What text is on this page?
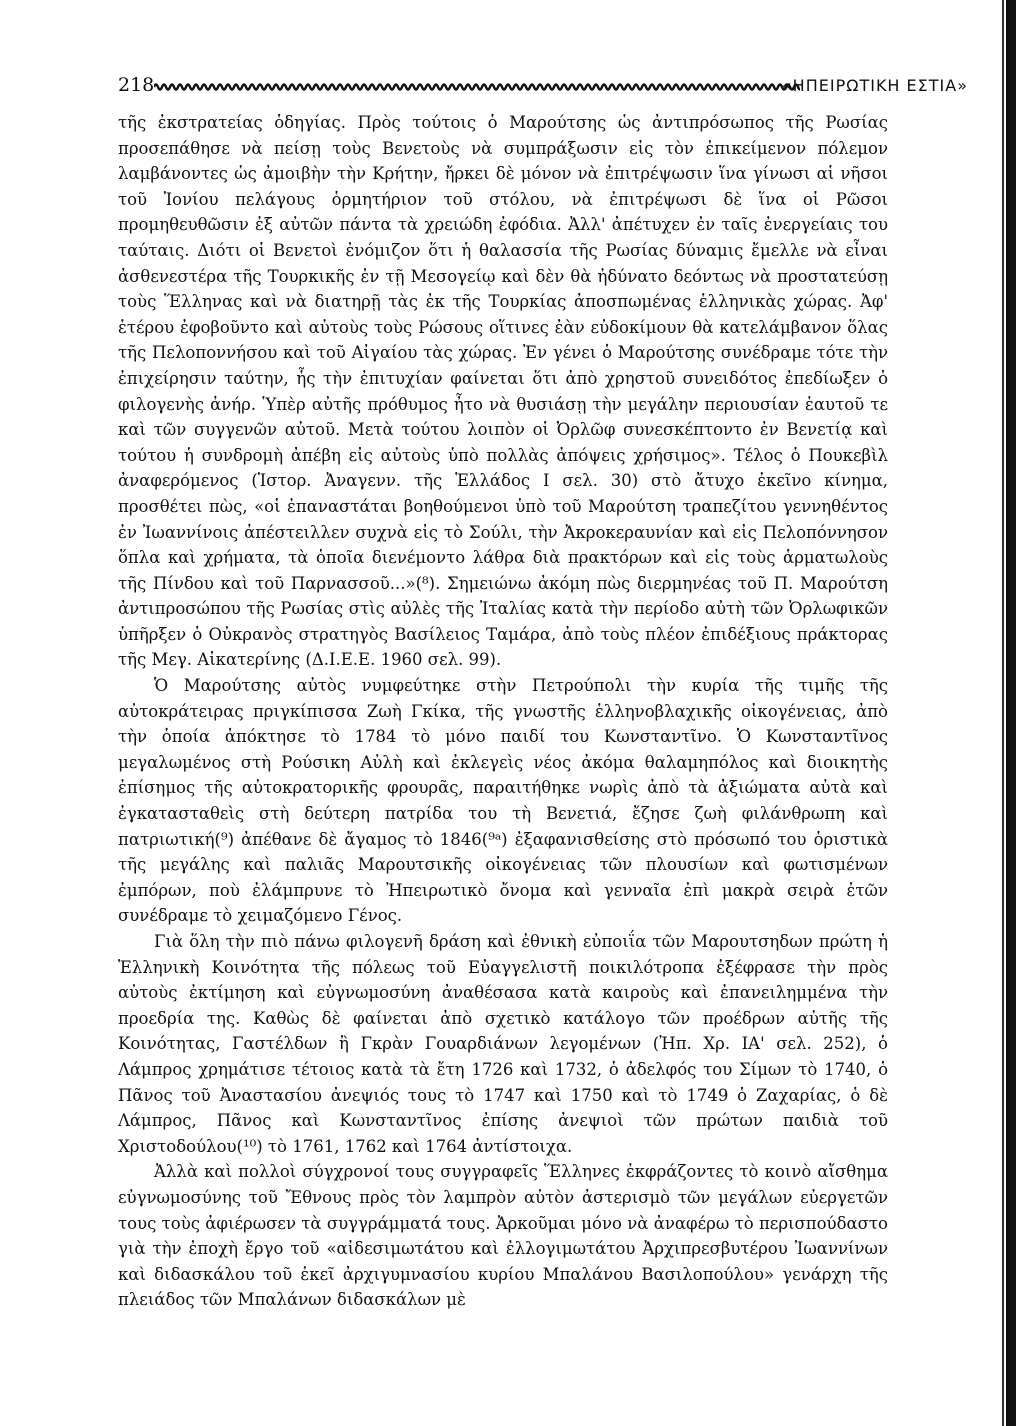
218	«ΗΠΕΙΡΩΤΙΚΗ ΕΣΤΙΑ»

τῆς ἐκστρατείας ὁδηγίας. Πρὸς τούτοις ὁ Μαρούτσης ὡς ἀντιπρόσωπος τῆς Ρωσίας προσεπάθησε νὰ πείσῃ τοὺς Βενετοὺς νὰ συμπράξωσιν εἰς τὸν ἐπικείμενον πόλεμον λαμβάνοντες ὡς ἀμοιβὴν τὴν Κρήτην, ἤρκει δὲ μόνον νὰ ἐπιτρέψωσιν ἵνα γίνωσι αἱ νῆσοι τοῦ Ἰονίου πελάγους ὁρμητήριον τοῦ στόλου, νὰ ἐπιτρέψωσι δὲ ἵνα οἱ Ρῶσοι προμηθευθῶσιν ἐξ αὐτῶν πάντα τὰ χρειώδη ἐφόδια. Ἀλλ' ἀπέτυχεν ἐν ταῖς ἐνεργείαις του ταύταις. Διότι οἱ Βενετοὶ ἐνόμιζον ὅτι ἡ θαλασσία τῆς Ρωσίας δύναμις ἔμελλε νὰ εἶναι ἀσθενεστέρα τῆς Τουρκικῆς ἐν τῇ Μεσογείῳ καὶ δὲν θὰ ἠδύνατο δεόντως νὰ προστατεύσῃ τοὺς Ἕλληνας καὶ νὰ διατηρῇ τὰς ἐκ τῆς Τουρκίας ἀποσπωμένας ἑλληνικὰς χώρας. Ἀφ' ἑτέρου ἐφοβοῦντο καὶ αὐτοὺς τοὺς Ρώσους οἵτινες ἐὰν εὐδοκίμουν θὰ κατελάμβανον ὅλας τῆς Πελοποννήσου καὶ τοῦ Αἰγαίου τὰς χώρας. Ἐν γένει ὁ Μαρούτσης συνέδραμε τότε τὴν ἐπιχείρησιν ταύτην, ἧς τὴν ἐπιτυχίαν φαίνεται ὅτι ἀπὸ χρηστοῦ συνειδότος ἐπεδίωξεν ὁ φιλογενὴς ἀνήρ. Ὑπὲρ αὐτῆς πρόθυμος ἦτο νὰ θυσιάσῃ τὴν μεγάλην περιουσίαν ἑαυτοῦ τε καὶ τῶν συγγενῶν αὐτοῦ. Μετὰ τούτου λοιπὸν οἱ Ὀρλῶφ συνεσκέπτοντο ἐν Βενετίᾳ καὶ τούτου ἡ συνδρομὴ ἀπέβη εἰς αὐτοὺς ὑπὸ πολλὰς ἀπόψεις χρήσιμος». Τέλος ὁ Πουκεβὶλ ἀναφερόμενος (Ἱστορ. Ἀναγενν. τῆς Ἑλλάδος Ι σελ. 30) στὸ ἄτυχο ἐκεῖνο κίνημα, προσθέτει πὼς, «οἱ ἐπαναστάται βοηθούμενοι ὑπὸ τοῦ Μαρούτση τραπεζίτου γεννηθέντος ἐν Ἰωαννίνοις ἀπέστειλλεν συχνὰ εἰς τὸ Σούλι, τὴν Ἀκροκεραυνίαν καὶ εἰς Πελοπόννησον ὅπλα καὶ χρήματα, τὰ ὁποῖα διενέμοντο λάθρα διὰ πρακτόρων καὶ εἰς τοὺς ἁρματωλοὺς τῆς Πίνδου καὶ τοῦ Παρνασσοῦ...»(⁸). Σημειώνω ἀκόμη πὼς διερμηνέας τοῦ Π. Μαρούτση ἀντιπροσώπου τῆς Ρωσίας στὶς αὐλὲς τῆς Ἰταλίας κατὰ τὴν περίοδο αὐτὴ τῶν Ὀρλωφικῶν ὑπῆρξεν ὁ Οὐκρανὸς στρατηγὸς Βασίλειος Ταμάρα, ἀπὸ τοὺς πλέον ἐπιδέξιους πράκτορας τῆς Μεγ. Αἰκατερίνης (Δ.Ι.Ε.Ε. 1960 σελ. 99).

Ὁ Μαρούτσης αὐτὸς νυμφεύτηκε στὴν Πετρούπολι τὴν κυρία τῆς τιμῆς τῆς αὐτοκράτειρας πριγκίπισσα Ζωὴ Γκίκα, τῆς γνωστῆς ἑλληνοβλαχικῆς οἰκογένειας, ἀπὸ τὴν ὁποία ἀπόκτησε τὸ 1784 τὸ μόνο παιδί του Κωνσταντῖνο. Ὁ Κωνσταντῖνος μεγαλωμένος στὴ Ρούσικη Αὐλὴ καὶ ἐκλεγεὶς νέος ἀκόμα θαλαμηπόλος καὶ διοικητὴς ἐπίσημος τῆς αὐτοκρατορικῆς φρουρᾶς, παραιτήθηκε νωρὶς ἀπὸ τὰ ἀξιώματα αὐτὰ καὶ ἐγκατασταθεὶς στὴ δεύτερη πατρίδα του τὴ Βενετιά, ἔζησε ζωὴ φιλάνθρωπη καὶ πατριωτική(⁹) ἀπέθανε δὲ ἄγαμος τὸ 1846(⁹ᵃ) ἐξαφανισθείσης στὸ πρόσωπό του ὁριστικὰ τῆς μεγάλης καὶ παλιᾶς Μαρουτσικῆς οἰκογένειας τῶν πλουσίων καὶ φωτισμένων ἐμπόρων, ποὺ ἐλάμπρυνε τὸ Ἠπειρωτικὸ ὄνομα καὶ γενναῖα ἐπὶ μακρὰ σειρὰ ἐτῶν συνέδραμε τὸ χειμαζόμενο Γένος.

Γιὰ ὅλη τὴν πιὸ πάνω φιλογενῆ δράση καὶ ἐθνικὴ εὐποιΐα τῶν Μαρουτσηδων πρώτη ἡ Ἑλληνικὴ Κοινότητα τῆς πόλεως τοῦ Εὐαγγελιστῆ ποικιλότροπα ἐξέφρασε τὴν πρὸς αὐτοὺς ἐκτίμηση καὶ εὐγνωμοσύνη ἀναθέσασα κατὰ καιροὺς καὶ ἐπανειλημμένα τὴν προεδρία της. Καθὼς δὲ φαίνεται ἀπὸ σχετικὸ κατάλογο τῶν προέδρων αὐτῆς τῆς Κοινότητας, Γαστέλδων ἢ Γκρὰν Γουαρδιάνων λεγομένων (Ἠπ. Χρ. ΙΑ' σελ. 252), ὁ Λάμπρος χρημάτισε τέτοιος κατὰ τὰ ἔτη 1726 καὶ 1732, ὁ ἀδελφός του Σίμων τὸ 1740, ὁ Πᾶνος τοῦ Ἀναστασίου ἀνεψιός τους τὸ 1747 καὶ 1750 καὶ τὸ 1749 ὁ Ζαχαρίας, ὁ δὲ Λάμπρος, Πᾶνος καὶ Κωνσταντῖνος ἐπίσης ἀνεψιοὶ τῶν πρώτων παιδιὰ τοῦ Χριστοδούλου(¹⁰) τὸ 1761, 1762 καὶ 1764 ἀντίστοιχα.

Ἀλλὰ καὶ πολλοὶ σύγχρονοί τους συγγραφεῖς Ἕλληνες ἐκφράζοντες τὸ κοινὸ αἴσθημα εὐγνωμοσύνης τοῦ Ἔθνους πρὸς τὸν λαμπρὸν αὐτὸν ἀστερισμὸ τῶν μεγάλων εὐεργετῶν τους τοὺς ἀφιέρωσεν τὰ συγγράμματά τους. Ἀρκοῦμαι μόνο νὰ ἀναφέρω τὸ περισπούδαστο γιὰ τὴν ἐποχὴ ἔργο τοῦ «αἰδεσιμωτάτου καὶ ἐλλογιμωτάτου Ἀρχιπρεσβυτέρου Ἰωαννίνων καὶ διδασκάλου τοῦ ἐκεῖ ἀρχιγυμνασίου κυρίου Μπαλάνου Βασιλοπούλου» γενάρχη τῆς πλειάδος τῶν Μπαλάνων διδασκάλων μὲ
